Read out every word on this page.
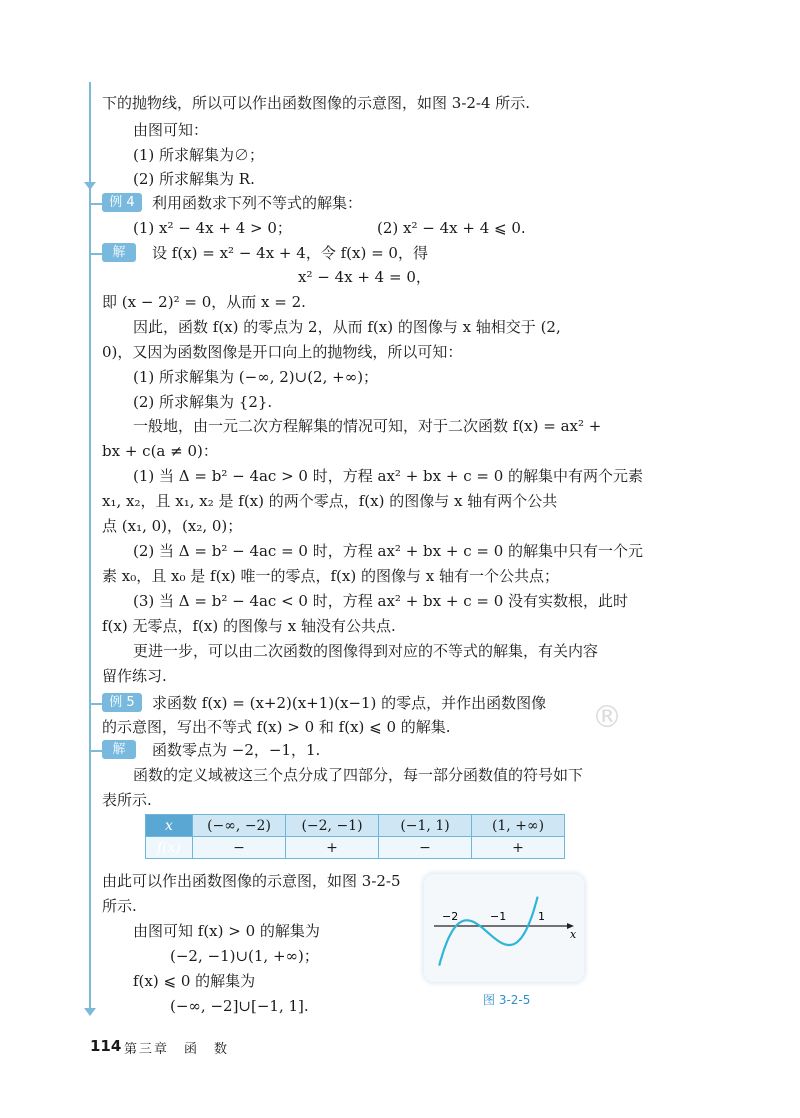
下的抛物线，所以可以作出函数图像的示意图，如图 3-2-4 所示.
由图可知：
(1) 所求解集为∅；
(2) 所求解集为 R.
例 4	利用函数求下列不等式的解集：
(1) x² − 4x + 4 > 0；	(2) x² − 4x + 4 ⩽ 0.
解	设 f(x) = x² − 4x + 4，令 f(x) = 0，得
x² − 4x + 4 = 0，
即 (x − 2)² = 0，从而 x = 2.
因此，函数 f(x) 的零点为 2，从而 f(x) 的图像与 x 轴相交于 (2,
0)，又因为函数图像是开口向上的抛物线，所以可知：
(1) 所求解集为 (−∞, 2)∪(2, +∞)；
(2) 所求解集为 {2}.
一般地，由一元二次方程解集的情况可知，对于二次函数 f(x) = ax² +
bx + c(a ≠ 0)：
(1) 当 Δ = b² − 4ac > 0 时，方程 ax² + bx + c = 0 的解集中有两个元素
x₁, x₂，且 x₁, x₂ 是 f(x) 的两个零点，f(x) 的图像与 x 轴有两个公共
点 (x₁, 0)，(x₂, 0)；
(2) 当 Δ = b² − 4ac = 0 时，方程 ax² + bx + c = 0 的解集中只有一个元
素 x₀，且 x₀ 是 f(x) 唯一的零点，f(x) 的图像与 x 轴有一个公共点；
(3) 当 Δ = b² − 4ac < 0 时，方程 ax² + bx + c = 0 没有实数根，此时
f(x) 无零点，f(x) 的图像与 x 轴没有公共点.
更进一步，可以由二次函数的图像得到对应的不等式的解集，有关内容
留作练习.
例 5	求函数 f(x) = (x+2)(x+1)(x−1) 的零点，并作出函数图像
的示意图，写出不等式 f(x) > 0 和 f(x) ⩽ 0 的解集.	®
解	函数零点为 −2，−1，1.
函数的定义域被这三个点分成了四部分，每一部分函数值的符号如下
表所示.
x	(−∞, −2)	(−2, −1)	(−1, 1)	(1, +∞)
f(x)	−	+	−	+
由此可以作出函数图像的示意图，如图 3-2-5
所示.
由图可知 f(x) > 0 的解集为
(−2, −1)∪(1, +∞)；
f(x) ⩽ 0 的解集为
(−∞, −2]∪[−1, 1].
−2	−1	1
x
图 3-2-5
114 第三章　函　数
